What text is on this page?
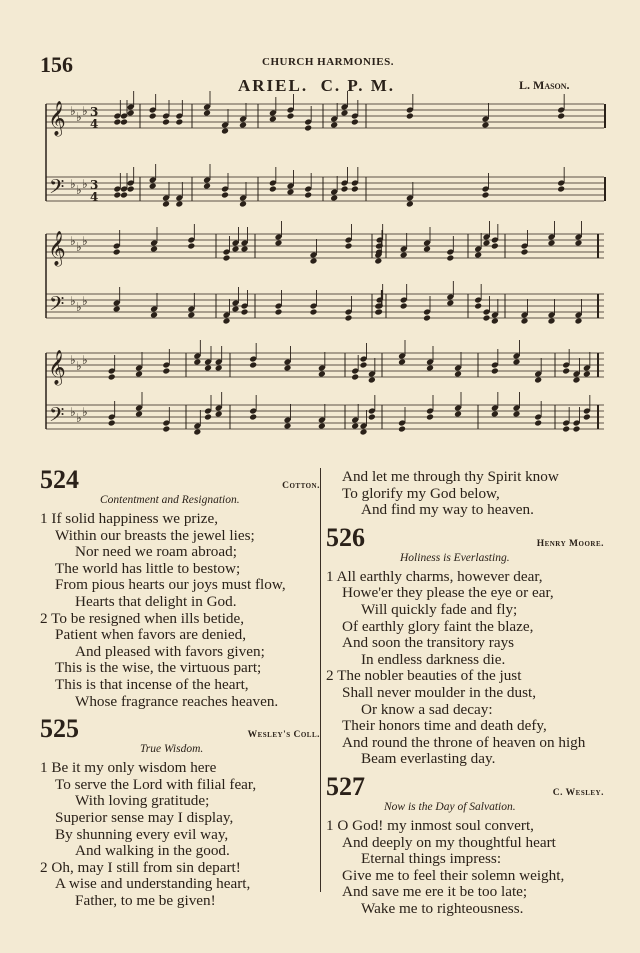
156	CHURCH HARMONIES.
ARIEL. C. P. M.	L. Mason.
𝄞 ♭ ♭ ♭ 3
4
𝄢 ♭ ♭ ♭ 3
4
𝄞 ♭ ♭ ♭
𝄢 ♭ ♭ ♭
𝄞 ♭ ♭ ♭
𝄢 ♭ ♭ ♭
524	Cotton.
Contentment and Resignation.
1 If solid happiness we prize,
Within our breasts the jewel lies;
Nor need we roam abroad;
The world has little to bestow;
From pious hearts our joys must flow,
Hearts that delight in God.
2 To be resigned when ills betide,
Patient when favors are denied,
And pleased with favors given;
This is the wise, the virtuous part;
This is that incense of the heart,
Whose fragrance reaches heaven.
525	Wesley's Coll.
True Wisdom.
1 Be it my only wisdom here
To serve the Lord with filial fear,
With loving gratitude;
Superior sense may I display,
By shunning every evil way,
And walking in the good.
2 Oh, may I still from sin depart!
A wise and understanding heart,
Father, to me be given!
And let me through thy Spirit know
To glorify my God below,
And find my way to heaven.
526	Henry Moore.
Holiness is Everlasting.
1 All earthly charms, however dear,
Howe'er they please the eye or ear,
Will quickly fade and fly;
Of earthly glory faint the blaze,
And soon the transitory rays
In endless darkness die.
2 The nobler beauties of the just
Shall never moulder in the dust,
Or know a sad decay:
Their honors time and death defy,
And round the throne of heaven on high
Beam everlasting day.
527	C. Wesley.
Now is the Day of Salvation.
1 O God! my inmost soul convert,
And deeply on my thoughtful heart
Eternal things impress:
Give me to feel their solemn weight,
And save me ere it be too late;
Wake me to righteousness.
